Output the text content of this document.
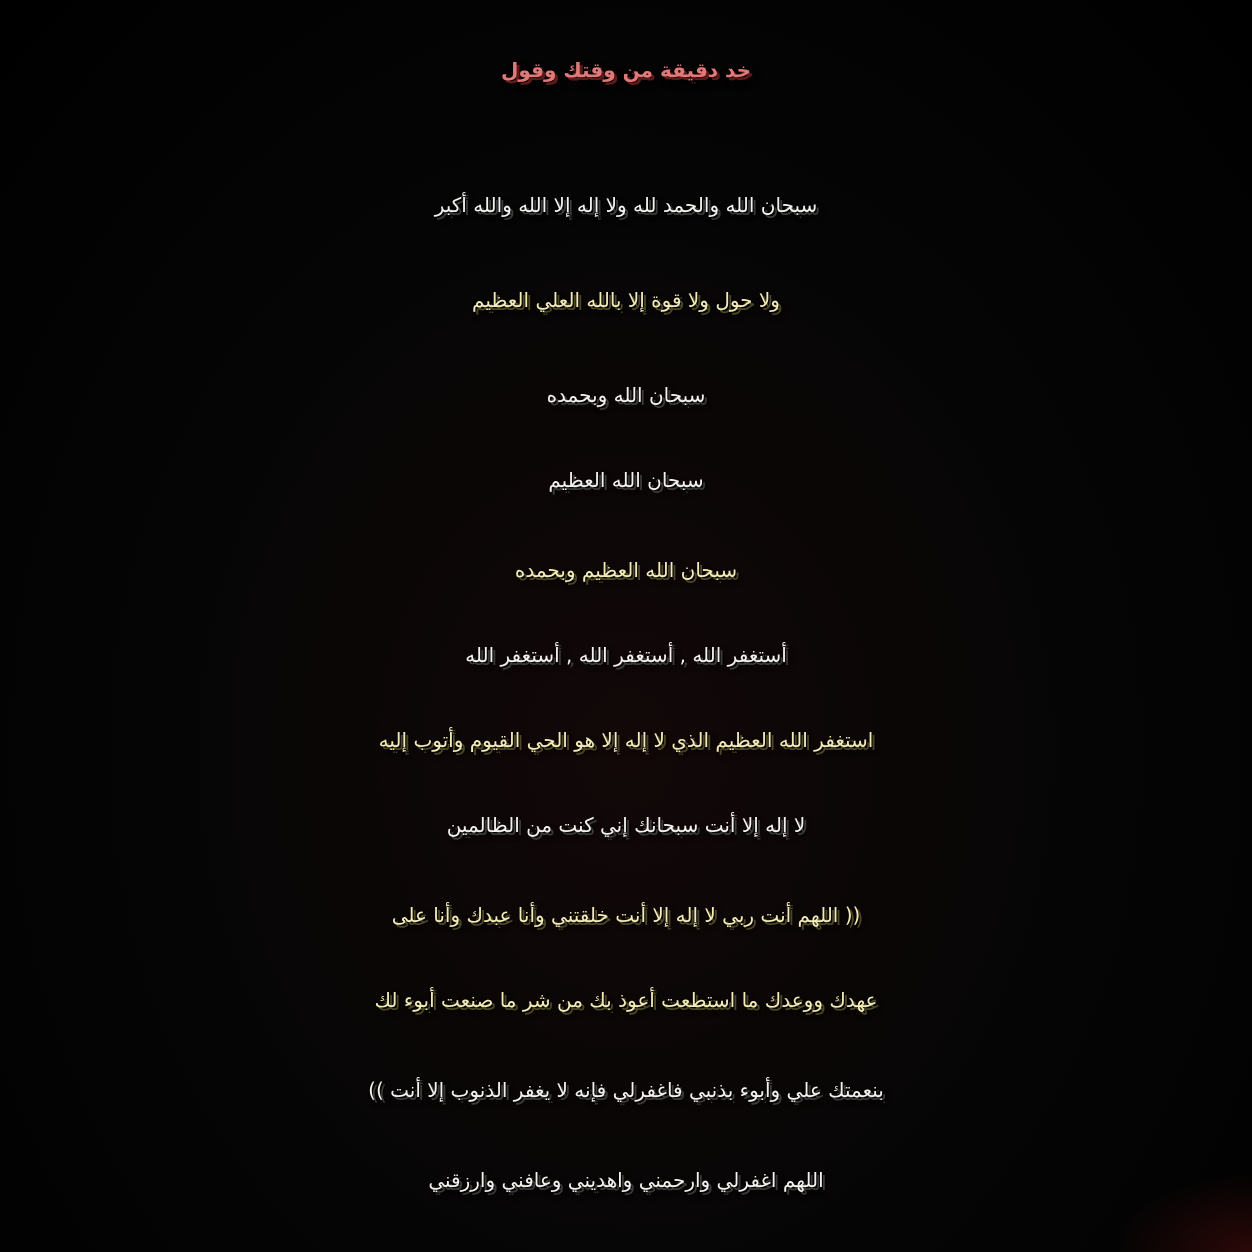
خد دقيقة من وقتك وقول
سبحان الله والحمد لله ولا إله إلا الله والله أكبر
ولا حول ولا قوة إلا بالله العلي العظيم
سبحان الله وبحمده
سبحان الله العظيم
سبحان الله العظيم وبحمده
أستغفر الله , أستغفر الله , أستغفر الله
استغفر الله العظيم الذي لا إله إلا هو الحي القيوم وأتوب إليه
لا إله إلا أنت سبحانك إني كنت من الظالمين
(( اللهم أنت ربي لا إله إلا أنت خلقتني وأنا عبدك وأنا على
عهدك ووعدك ما استطعت أعوذ بك من شر ما صنعت أبوء لك
بنعمتك علي وأبوء بذنبي فاغفرلي فإنه لا يغفر الذنوب إلا أنت ))
اللهم اغفرلي وارحمني واهديني وعافني وارزقني
